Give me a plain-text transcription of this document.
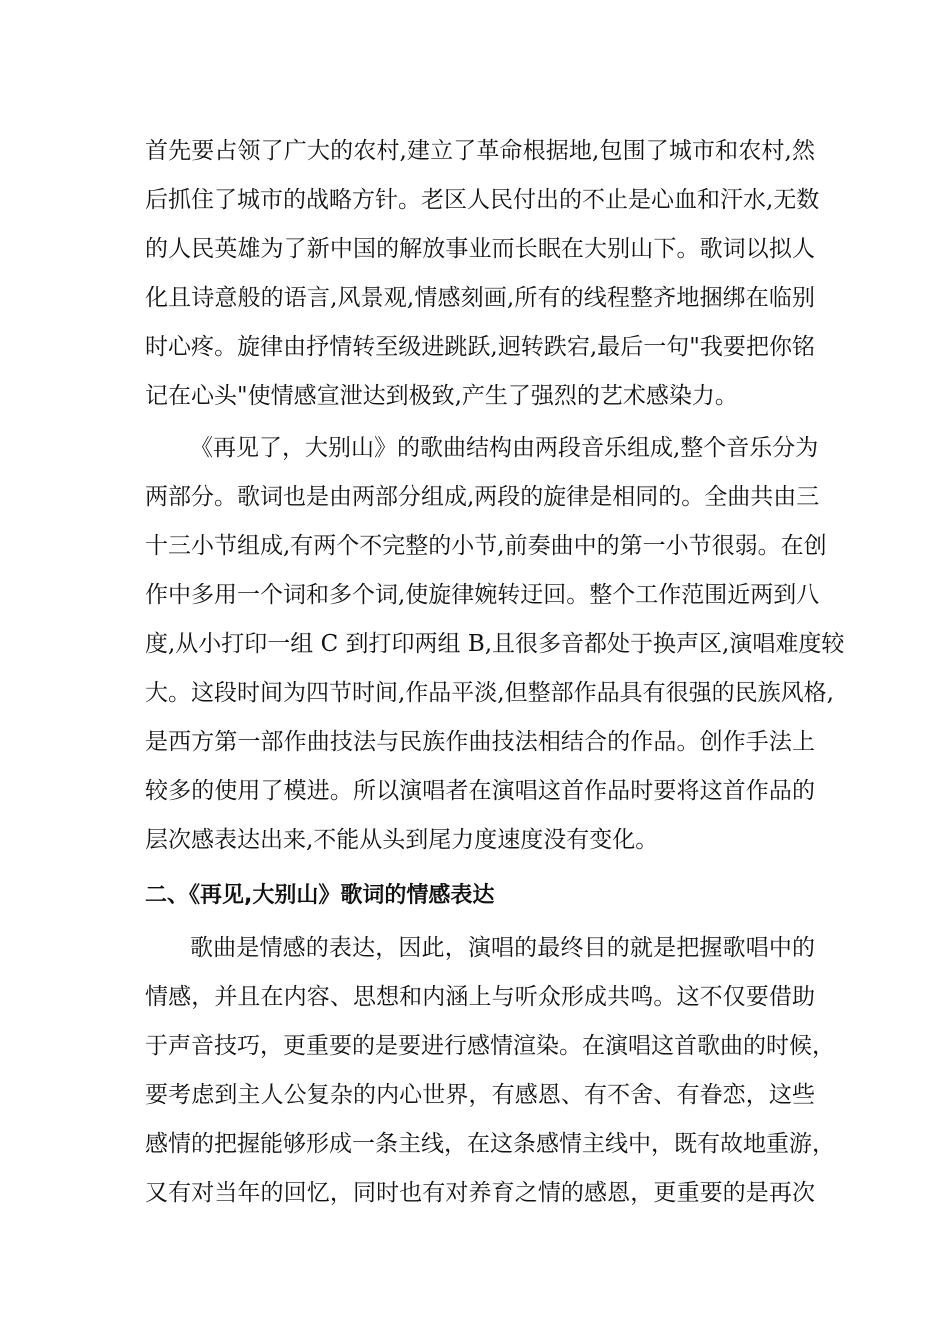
首先要占领了广大的农村,建立了革命根据地,包围了城市和农村,然
后抓住了城市的战略方针。老区人民付出的不止是心血和汗水,无数
的人民英雄为了新中国的解放事业而长眠在大别山下。歌词以拟人
化且诗意般的语言,风景观,情感刻画,所有的线程整齐地捆绑在临别
时心疼。旋律由抒情转至级进跳跃,迥转跌宕,最后一句"我要把你铭
记在心头"使情感宣泄达到极致,产生了强烈的艺术感染力。
《再见了，大别山》的歌曲结构由两段音乐组成,整个音乐分为
两部分。歌词也是由两部分组成,两段的旋律是相同的。全曲共由三
十三小节组成,有两个不完整的小节,前奏曲中的第一小节很弱。在创
作中多用一个词和多个词,使旋律婉转迂回。整个工作范围近两到八
度,从小打印一组 C 到打印两组 B,且很多音都处于换声区,演唱难度较
大。这段时间为四节时间,作品平淡,但整部作品具有很强的民族风格,
是西方第一部作曲技法与民族作曲技法相结合的作品。创作手法上
较多的使用了模进。所以演唱者在演唱这首作品时要将这首作品的
层次感表达出来,不能从头到尾力度速度没有变化。
二、《再见,大别山》歌词的情感表达
歌曲是情感的表达，因此，演唱的最终目的就是把握歌唱中的
情感，并且在内容、思想和内涵上与听众形成共鸣。这不仅要借助
于声音技巧，更重要的是要进行感情渲染。在演唱这首歌曲的时候，
要考虑到主人公复杂的内心世界，有感恩、有不舍、有眷恋，这些
感情的把握能够形成一条主线，在这条感情主线中，既有故地重游，
又有对当年的回忆，同时也有对养育之情的感恩，更重要的是再次
